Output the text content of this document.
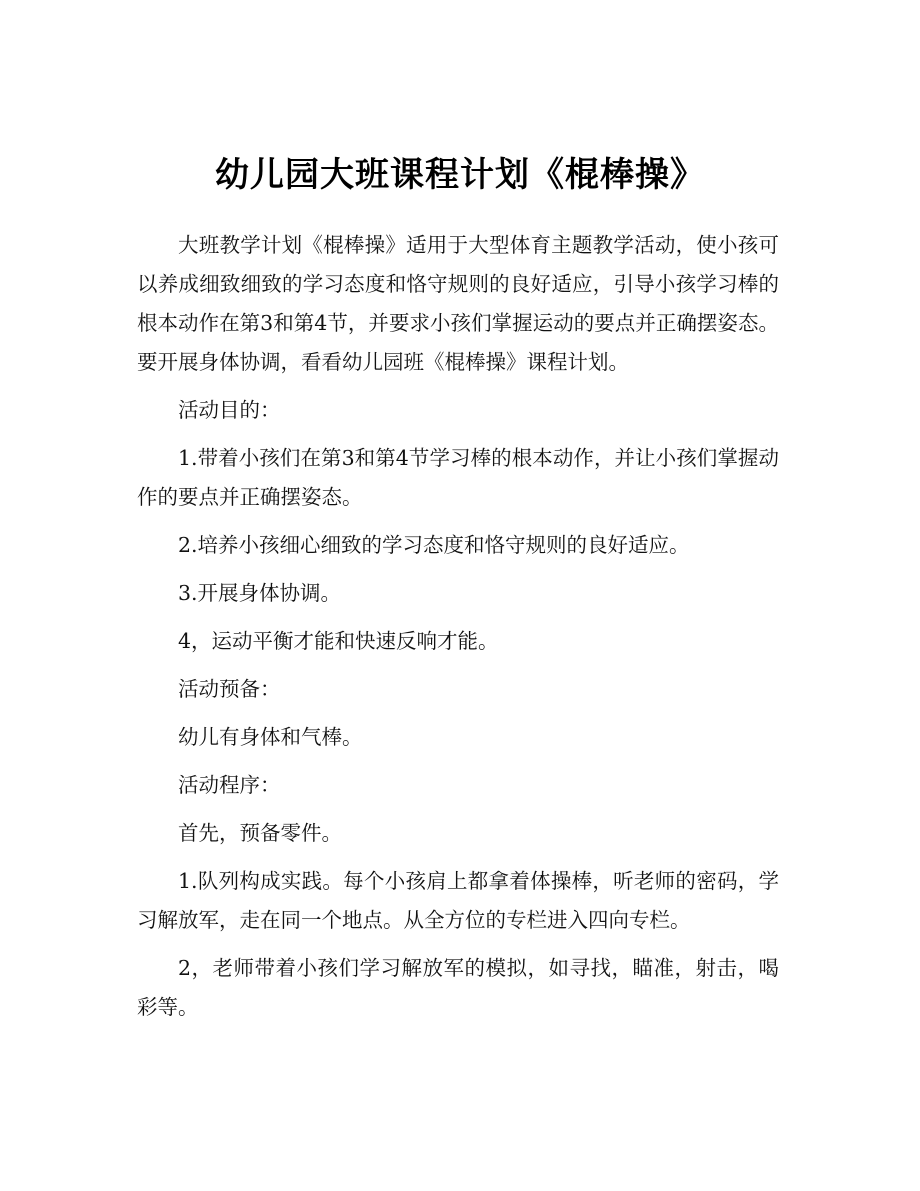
幼儿园大班课程计划《棍棒操》

大班教学计划《棍棒操》适用于大型体育主题教学活动，使小孩可以养成细致细致的学习态度和恪守规则的良好适应，引导小孩学习棒的根本动作在第3和第4节，并要求小孩们掌握运动的要点并正确摆姿态。要开展身体协调，看看幼儿园班《棍棒操》课程计划。

活动目的：

1.带着小孩们在第3和第4节学习棒的根本动作，并让小孩们掌握动作的要点并正确摆姿态。

2.培养小孩细心细致的学习态度和恪守规则的良好适应。

3.开展身体协调。

4，运动平衡才能和快速反响才能。

活动预备：

幼儿有身体和气棒。

活动程序：

首先，预备零件。

1.队列构成实践。每个小孩肩上都拿着体操棒，听老师的密码，学习解放军，走在同一个地点。从全方位的专栏进入四向专栏。

2，老师带着小孩们学习解放军的模拟，如寻找，瞄准，射击，喝彩等。
